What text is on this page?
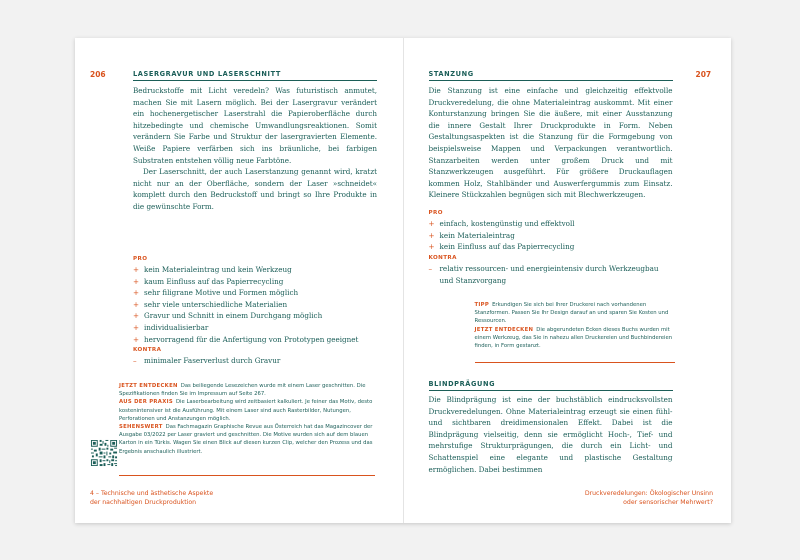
206	LASERGRAVUR UND LASERSCHNITT

Bedruckstoffe mit Licht veredeln? Was futuristisch anmutet, machen Sie mit Lasern möglich. Bei der Lasergravur verändert ein hochenergetischer Laserstrahl die Papieroberfläche durch hitzebedingte und chemische Umwandlungsreaktionen. Somit verändern Sie Farbe und Struktur der lasergravierten Elemente. Weiße Papiere verfärben sich ins bräunliche, bei farbigen Substraten entstehen völlig neue Farbtöne.

Der Laserschnitt, der auch Laserstanzung genannt wird, kratzt nicht nur an der Oberfläche, sondern der Laser »schneidet« komplett durch den Bedruckstoff und bringt so Ihre Produkte in die gewünschte Form.

PRO
+ kein Materialeintrag und kein Werkzeug
+ kaum Einfluss auf das Papierrecycling
+ sehr filigrane Motive und Formen möglich
+ sehr viele unterschiedliche Materialien
+ Gravur und Schnitt in einem Durchgang möglich
+ individualisierbar
+ hervorragend für die Anfertigung von Prototypen geeignet
KONTRA
– minimaler Faserverlust durch Gravur

JETZT ENTDECKEN Das beiliegende Lesezeichen wurde mit einem Laser geschnitten. Die Spezifikationen finden Sie im Impressum auf Seite 267.

AUS DER PRAXIS Die Laserbearbeitung wird zeitbasiert kalkuliert. Je feiner das Motiv, desto kostenintensiver ist die Ausführung. Mit einem Laser sind auch Rasterbilder, Nutungen, Perforationen und Anstanzungen möglich.

SEHENSWERT Das Fachmagazin Graphische Revue aus Österreich hat das Magazincover der Ausgabe 03/2022 per Laser graviert und geschnitten. Die Motive wurden sich auf dem blauen Karton in ein Türkis. Wagen Sie einen Blick auf diesen kurzen Clip, welcher den Prozess und das Ergebnis anschaulich illustriert.

4 – Technische und ästhetische Aspekte
der nachhaltigen Druckproduktion
207
STANZUNG

Die Stanzung ist eine einfache und gleichzeitig effektvolle Druckveredelung, die ohne Materialeintrag auskommt. Mit einer Konturstanzung bringen Sie die äußere, mit einer Ausstanzung die innere Gestalt Ihrer Druckprodukte in Form. Neben Gestaltungsaspekten ist die Stanzung für die Formgebung von beispielsweise Mappen und Verpackungen verantwortlich. Stanzarbeiten werden unter großem Druck und mit Stanzwerkzeugen ausgeführt. Für größere Druckauflagen kommen Holz, Stahlbänder und Auswerfergummis zum Einsatz. Kleinere Stückzahlen begnügen sich mit Blechwerkzeugen.

PRO
+ einfach, kostengünstig und effektvoll
+ kein Materialeintrag
+ kein Einfluss auf das Papierrecycling
KONTRA
– relativ ressourcen- und energieintensiv durch Werkzeugbau
und Stanzvorgang

TIPP Erkundigen Sie sich bei Ihrer Druckerei nach vorhandenen Stanzformen. Passen Sie Ihr Design darauf an und sparen Sie Kosten und Ressourcen.

JETZT ENTDECKEN Die abgerundeten Ecken dieses Buchs wurden mit einem Werkzeug, das Sie in nahezu allen Druckereien und Buchbindereien finden, in Form gestanzt.

BLINDPRÄGUNG

Die Blindprägung ist eine der buchstäblich eindrucksvollsten Druckveredelungen. Ohne Materialeintrag erzeugt sie einen fühl- und sichtbaren dreidimensionalen Effekt. Dabei ist die Blindprägung vielseitig, denn sie ermöglicht Hoch-, Tief- und mehrstufige Strukturprägungen, die durch ein Licht- und Schattenspiel eine elegante und plastische Gestaltung ermöglichen. Dabei bestimmen

Druckveredelungen: Ökologischer Unsinn
oder sensorischer Mehrwert?
